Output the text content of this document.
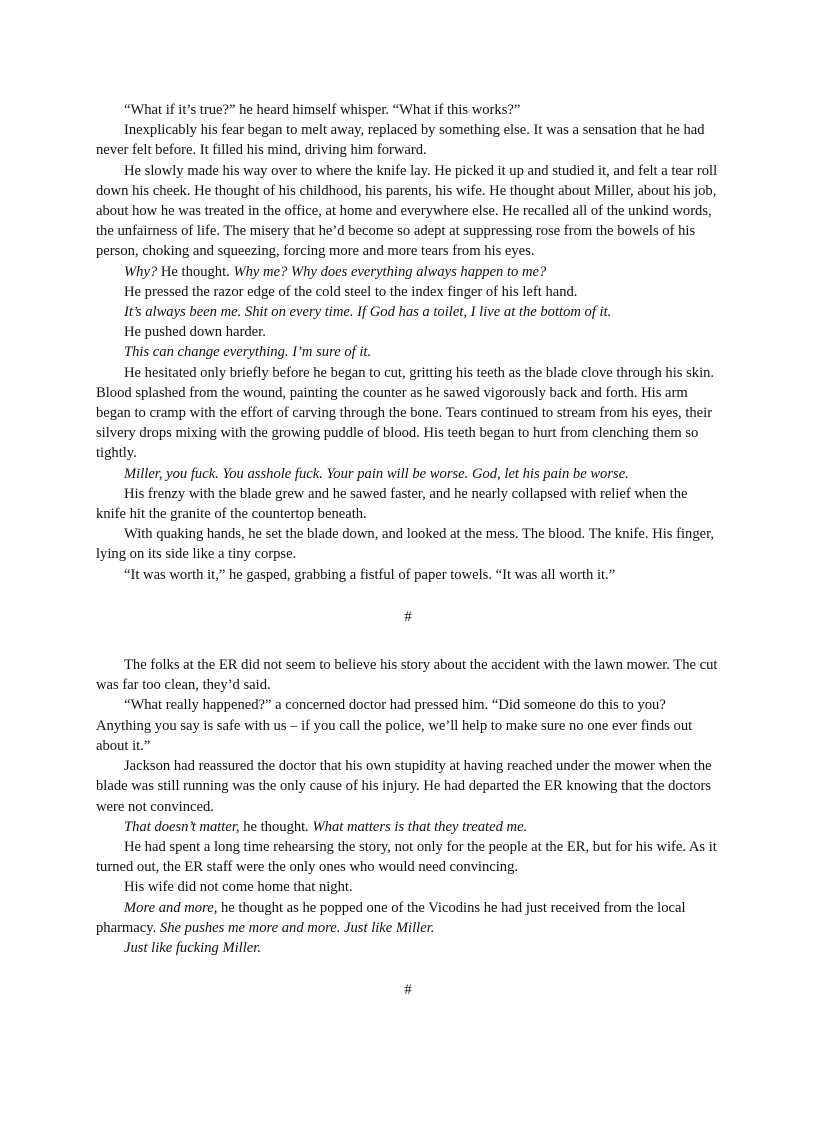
“What if it’s true?” he heard himself whisper. “What if this works?”

Inexplicably his fear began to melt away, replaced by something else. It was a sensation that he had never felt before. It filled his mind, driving him forward.

He slowly made his way over to where the knife lay. He picked it up and studied it, and felt a tear roll down his cheek. He thought of his childhood, his parents, his wife. He thought about Miller, about his job, about how he was treated in the office, at home and everywhere else. He recalled all of the unkind words, the unfairness of life. The misery that he’d become so adept at suppressing rose from the bowels of his person, choking and squeezing, forcing more and more tears from his eyes.

Why? He thought. Why me? Why does everything always happen to me?

He pressed the razor edge of the cold steel to the index finger of his left hand.

It’s always been me. Shit on every time. If God has a toilet, I live at the bottom of it.

He pushed down harder.

This can change everything. I’m sure of it.

He hesitated only briefly before he began to cut, gritting his teeth as the blade clove through his skin. Blood splashed from the wound, painting the counter as he sawed vigorously back and forth. His arm began to cramp with the effort of carving through the bone. Tears continued to stream from his eyes, their silvery drops mixing with the growing puddle of blood. His teeth began to hurt from clenching them so tightly.

Miller, you fuck. You asshole fuck. Your pain will be worse. God, let his pain be worse.

His frenzy with the blade grew and he sawed faster, and he nearly collapsed with relief when the knife hit the granite of the countertop beneath.

With quaking hands, he set the blade down, and looked at the mess. The blood. The knife. His finger, lying on its side like a tiny corpse.

“It was worth it,” he gasped, grabbing a fistful of paper towels. “It was all worth it.”

#

The folks at the ER did not seem to believe his story about the accident with the lawn mower. The cut was far too clean, they’d said.

“What really happened?” a concerned doctor had pressed him. “Did someone do this to you? Anything you say is safe with us – if you call the police, we’ll help to make sure no one ever finds out about it.”

Jackson had reassured the doctor that his own stupidity at having reached under the mower when the blade was still running was the only cause of his injury. He had departed the ER knowing that the doctors were not convinced.

That doesn’t matter, he thought. What matters is that they treated me.

He had spent a long time rehearsing the story, not only for the people at the ER, but for his wife. As it turned out, the ER staff were the only ones who would need convincing.

His wife did not come home that night.

More and more, he thought as he popped one of the Vicodins he had just received from the local pharmacy. She pushes me more and more. Just like Miller.

Just like fucking Miller.

#
